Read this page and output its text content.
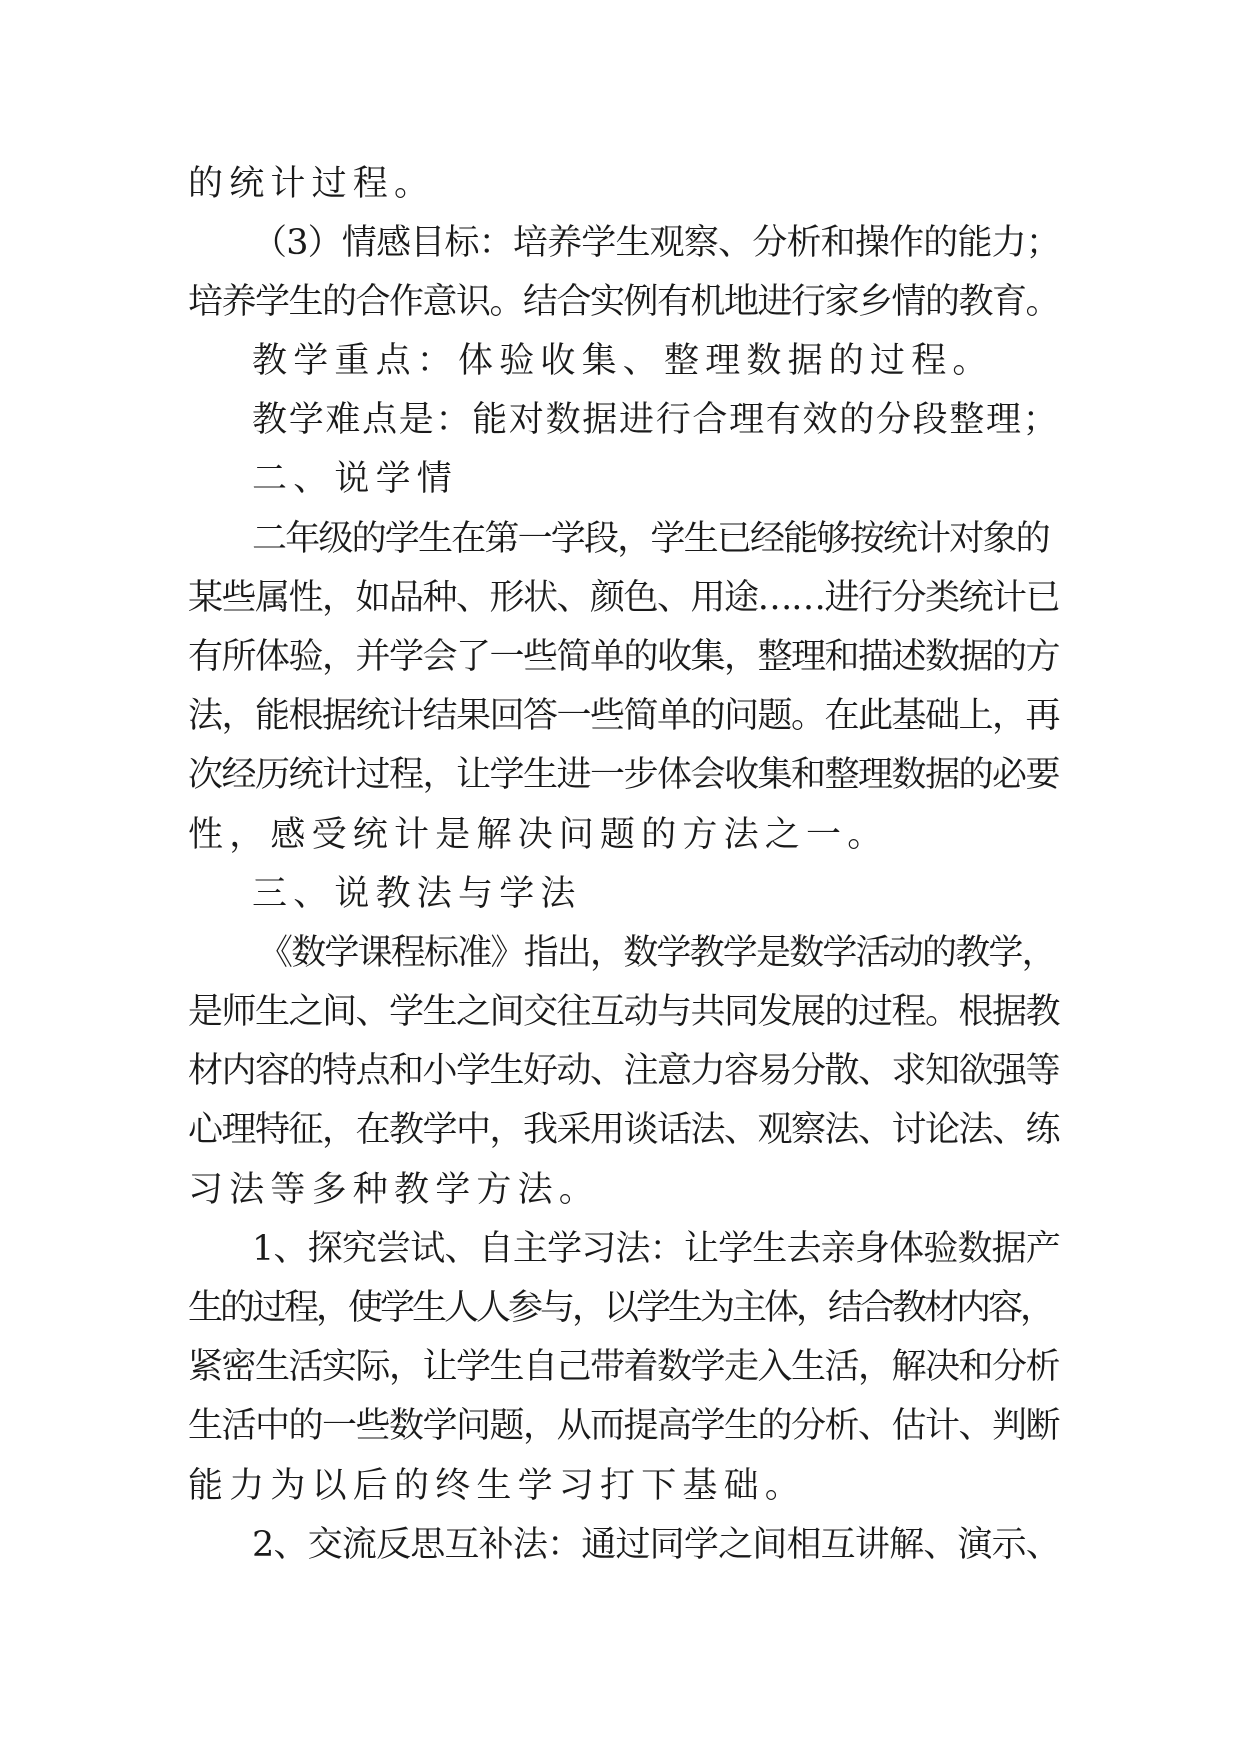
的统计过程。

（3）情感目标：培养学生观察、分析和操作的能力；

培养学生的合作意识。结合实例有机地进行家乡情的教育。

教学重点：体验收集、整理数据的过程。

教学难点是：能对数据进行合理有效的分段整理；

二、说学情

二年级的学生在第一学段，学生已经能够按统计对象的

某些属性，如品种、形状、颜色、用途……进行分类统计已

有所体验，并学会了一些简单的收集，整理和描述数据的方

法，能根据统计结果回答一些简单的问题。在此基础上，再

次经历统计过程，让学生进一步体会收集和整理数据的必要

性，感受统计是解决问题的方法之一。

三、说教法与学法

《数学课程标准》指出，数学教学是数学活动的教学，

是师生之间、学生之间交往互动与共同发展的过程。根据教

材内容的特点和小学生好动、注意力容易分散、求知欲强等

心理特征，在教学中，我采用谈话法、观察法、讨论法、练

习法等多种教学方法。

1、探究尝试、自主学习法：让学生去亲身体验数据产

生的过程，使学生人人参与，以学生为主体，结合教材内容，

紧密生活实际，让学生自己带着数学走入生活，解决和分析

生活中的一些数学问题，从而提高学生的分析、估计、判断

能力为以后的终生学习打下基础。

2、交流反思互补法：通过同学之间相互讲解、演示、
